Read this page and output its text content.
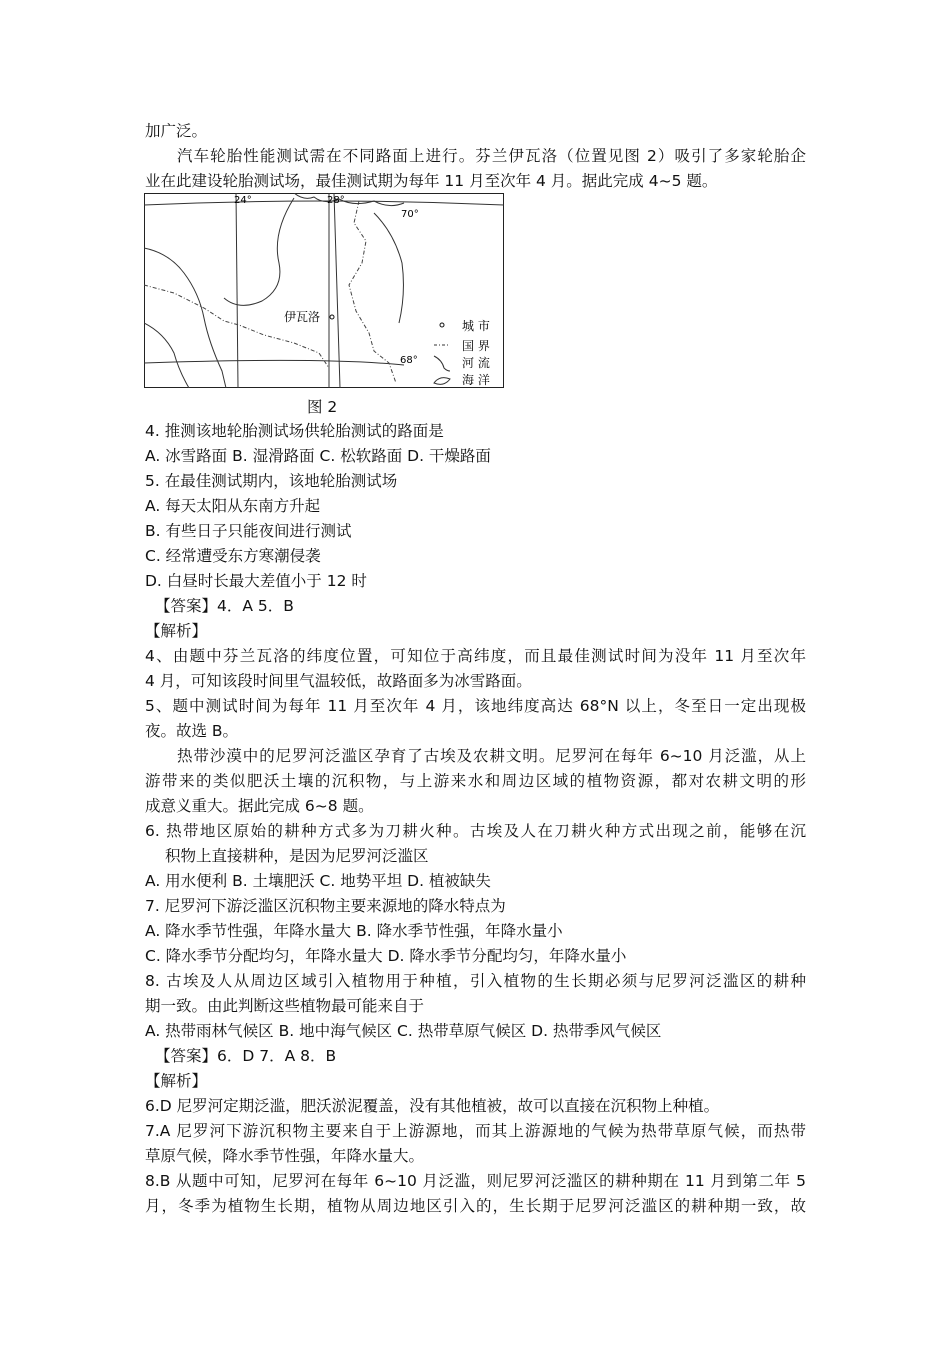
加广泛。
汽车轮胎性能测试需在不同路面上进行。芬兰伊瓦洛（位置见图 2）吸引了多家轮胎企
业在此建设轮胎测试场，最佳测试期为每年 11 月至次年 4 月。据此完成 4~5 题。
24°	28°
70°
68°
伊瓦洛
城 市
国 界
河 流
海 洋
图 2
4. 推测该地轮胎测试场供轮胎测试的路面是
A. 冰雪路面 B. 湿滑路面 C. 松软路面 D. 干燥路面
5. 在最佳测试期内，该地轮胎测试场
A. 每天太阳从东南方升起
B. 有些日子只能夜间进行测试
C. 经常遭受东方寒潮侵袭
D. 白昼时长最大差值小于 12 时
【答案】4．A 5．B
【解析】
4、由题中芬兰瓦洛的纬度位置，可知位于高纬度，而且最佳测试时间为没年 11 月至次年
4 月，可知该段时间里气温较低，故路面多为冰雪路面。
5、题中测试时间为每年 11 月至次年 4 月，该地纬度高达 68°N 以上，冬至日一定出现极
夜。故选 B。
热带沙漠中的尼罗河泛滥区孕育了古埃及农耕文明。尼罗河在每年 6~10 月泛滥，从上
游带来的类似肥沃土壤的沉积物，与上游来水和周边区域的植物资源，都对农耕文明的形
成意义重大。据此完成 6~8 题。
6. 热带地区原始的耕种方式多为刀耕火种。古埃及人在刀耕火种方式出现之前，能够在沉
积物上直接耕种，是因为尼罗河泛滥区
A. 用水便利 B. 土壤肥沃 C. 地势平坦 D. 植被缺失
7. 尼罗河下游泛滥区沉积物主要来源地的降水特点为
A. 降水季节性强，年降水量大 B. 降水季节性强，年降水量小
C. 降水季节分配均匀，年降水量大 D. 降水季节分配均匀，年降水量小
8. 古埃及人从周边区域引入植物用于种植，引入植物的生长期必须与尼罗河泛滥区的耕种
期一致。由此判断这些植物最可能来自于
A. 热带雨林气候区 B. 地中海气候区 C. 热带草原气候区 D. 热带季风气候区
【答案】6．D 7．A 8．B
【解析】
6.D 尼罗河定期泛滥，肥沃淤泥覆盖，没有其他植被，故可以直接在沉积物上种植。
7.A 尼罗河下游沉积物主要来自于上游源地，而其上游源地的气候为热带草原气候，而热带
草原气候，降水季节性强，年降水量大。
8.B 从题中可知，尼罗河在每年 6~10 月泛滥，则尼罗河泛滥区的耕种期在 11 月到第二年 5
月，冬季为植物生长期，植物从周边地区引入的，生长期于尼罗河泛滥区的耕种期一致，故
